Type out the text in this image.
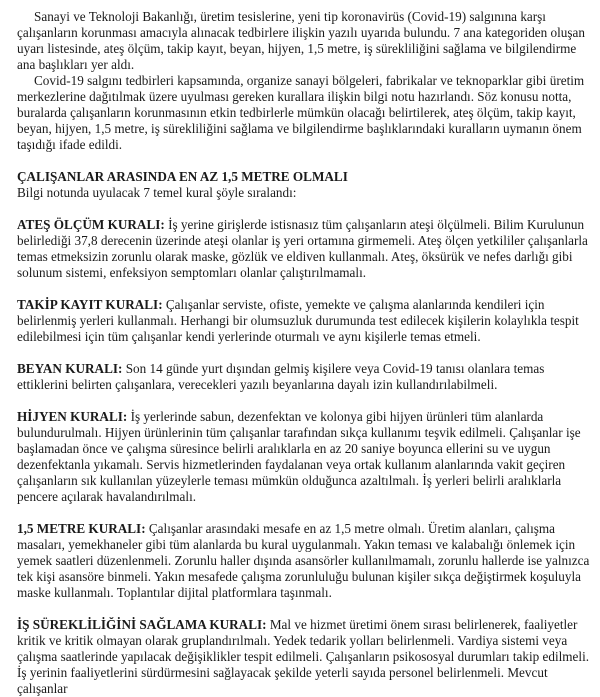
Sanayi ve Teknoloji Bakanlığı, üretim tesislerine, yeni tip koronavirüs (Covid-19) salgınına karşı çalışanların korunması amacıyla alınacak tedbirlere ilişkin yazılı uyarıda bulundu. 7 ana kategoriden oluşan uyarı listesinde, ateş ölçüm, takip kayıt, beyan, hijyen, 1,5 metre, iş sürekliliğini sağlama ve bilgilendirme ana başlıkları yer aldı.

Covid-19 salgını tedbirleri kapsamında, organize sanayi bölgeleri, fabrikalar ve teknoparklar gibi üretim merkezlerine dağıtılmak üzere uyulması gereken kurallara ilişkin bilgi notu hazırlandı. Söz konusu notta, buralarda çalışanların korunmasının etkin tedbirlerle mümkün olacağı belirtilerek, ateş ölçüm, takip kayıt, beyan, hijyen, 1,5 metre, iş sürekliliğini sağlama ve bilgilendirme başlıklarındaki kuralların uymanın önem taşıdığı ifade edildi.

ÇALIŞANLAR ARASINDA EN AZ 1,5 METRE OLMALI

Bilgi notunda uyulacak 7 temel kural şöyle sıralandı:

ATEŞ ÖLÇÜM KURALI: İş yerine girişlerde istisnasız tüm çalışanların ateşi ölçülmeli. Bilim Kurulunun belirlediği 37,8 derecenin üzerinde ateşi olanlar iş yeri ortamına girmemeli. Ateş ölçen yetkililer çalışanlarla temas etmeksizin zorunlu olarak maske, gözlük ve eldiven kullanmalı. Ateş, öksürük ve nefes darlığı gibi solunum sistemi, enfeksiyon semptomları olanlar çalıştırılmamalı.

TAKİP KAYIT KURALI: Çalışanlar serviste, ofiste, yemekte ve çalışma alanlarında kendileri için belirlenmiş yerleri kullanmalı. Herhangi bir olumsuzluk durumunda test edilecek kişilerin kolaylıkla tespit edilebilmesi için tüm çalışanlar kendi yerlerinde oturmalı ve aynı kişilerle temas etmeli.

BEYAN KURALI: Son 14 günde yurt dışından gelmiş kişilere veya Covid-19 tanısı olanlara temas ettiklerini belirten çalışanlara, verecekleri yazılı beyanlarına dayalı izin kullandırılabilmeli.

HİJYEN KURALI: İş yerlerinde sabun, dezenfektan ve kolonya gibi hijyen ürünleri tüm alanlarda bulundurulmalı. Hijyen ürünlerinin tüm çalışanlar tarafından sıkça kullanımı teşvik edilmeli. Çalışanlar işe başlamadan önce ve çalışma süresince belirli aralıklarla en az 20 saniye boyunca ellerini su ve uygun dezenfektanla yıkamalı. Servis hizmetlerinden faydalanan veya ortak kullanım alanlarında vakit geçiren çalışanların sık kullanılan yüzeylerle teması mümkün olduğunca azaltılmalı. İş yerleri belirli aralıklarla pencere açılarak havalandırılmalı.

1,5 METRE KURALI: Çalışanlar arasındaki mesafe en az 1,5 metre olmalı. Üretim alanları, çalışma masaları, yemekhaneler gibi tüm alanlarda bu kural uygulanmalı. Yakın teması ve kalabalığı önlemek için yemek saatleri düzenlenmeli. Zorunlu haller dışında asansörler kullanılmamalı, zorunlu hallerde ise yalnızca tek kişi asansöre binmeli. Yakın mesafede çalışma zorunluluğu bulunan kişiler sıkça değiştirmek koşuluyla maske kullanmalı. Toplantılar dijital platformlara taşınmalı.

İŞ SÜREKLİLİĞİNİ SAĞLAMA KURALI: Mal ve hizmet üretimi önem sırası belirlenerek, faaliyetler kritik ve kritik olmayan olarak gruplandırılmalı. Yedek tedarik yolları belirlenmeli. Vardiya sistemi veya çalışma saatlerinde yapılacak değişiklikler tespit edilmeli. Çalışanların psikososyal durumları takip edilmeli. İş yerinin faaliyetlerini sürdürmesini sağlayacak şekilde yeterli sayıda personel belirlenmeli. Mevcut çalışanlar
